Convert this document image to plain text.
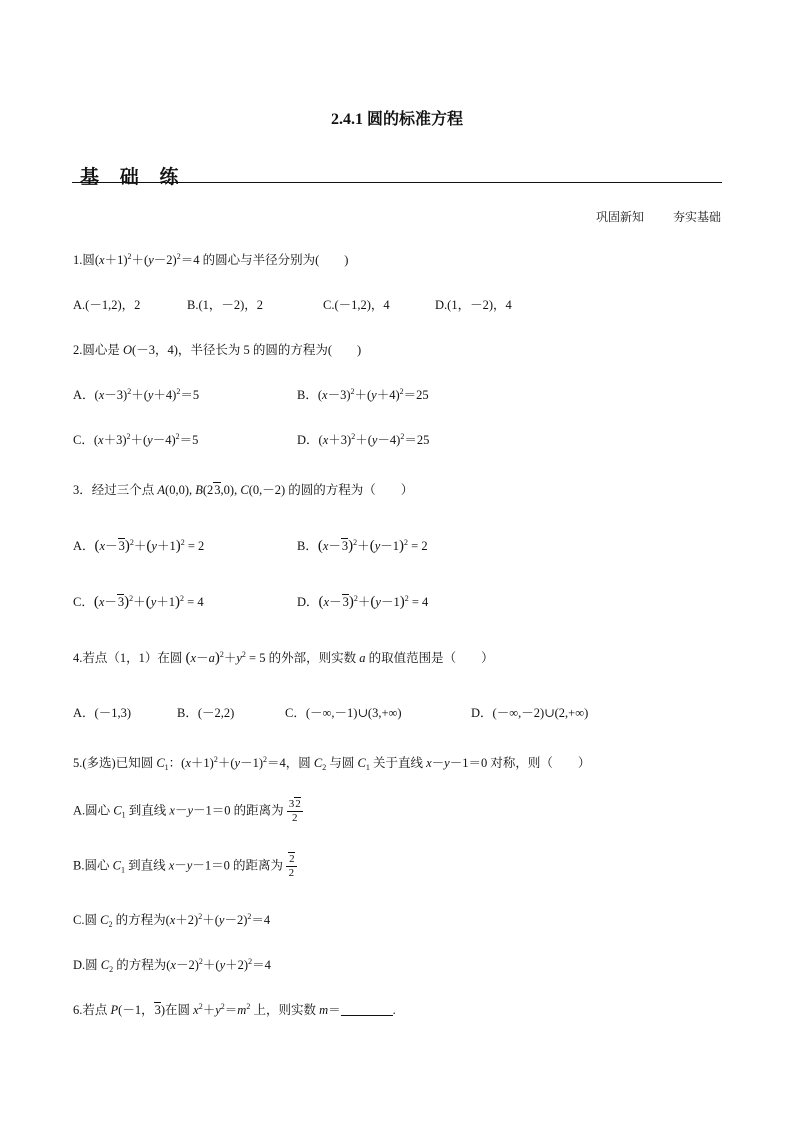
2.4.1 圆的标准方程
基 础 练
巩固新知 夯实基础
1.圆$(x+1)^2+(y-2)^2=4$ 的圆心与半径分别为(　　)
A.(－1,2)，2	B.(1，－2)，2	C.(－1,2)，4	D.(1，－2)，4
2.圆心是 O(－3，4)，半径长为 5 的圆的方程为(　　)
A．$(x-3)^2+(y+4)^2=5$	B．$(x-3)^2+(y+4)^2=25$
C．$(x+3)^2+(y-4)^2=5$	D．$(x+3)^2+(y-4)^2=25$
3．经过三个点 A(0,0), B(23,0), C(0,－2) 的圆的方程为（　　）
A．$(x-3)^2+(y+1)^2 = 2$	B．$(x-3)^2+(y-1)^2 = 2$
C．$(x-3)^2+(y+1)^2 = 4$	D．$(x-3)^2+(y-1)^2 = 4$
4.若点（1，1）在圆 $(x-a)^2+y^2 = 5$ 的外部，则实数 a 的取值范围是（　　）
A．(－1,3)	B．(－2,2)	C．(－∞,－1)∪(3,+∞)	D．(－∞,－2)∪(2,+∞)
5.(多选)已知圆 $C_1$：$(x+1)^2+(y-1)^2=4$，圆 $C_2$ 与圆 $C_1$ 关于直线 x－y－1＝0 对称，则（　　）
A.圆心 $C_1$ 到直线 x－y－1＝0 的距离为 $\frac{32}{2}$
B.圆心 $C_1$ 到直线 x－y－1＝0 的距离为 $\frac{2}{2}$
C.圆 $C_2$ 的方程为$(x+2)^2+(y-2)^2=4$
D.圆 $C_2$ 的方程为$(x-2)^2+(y+2)^2=4$
6.若点 P(－1，3)在圆 $x^2+y^2=m^2$ 上，则实数 m＝	.
